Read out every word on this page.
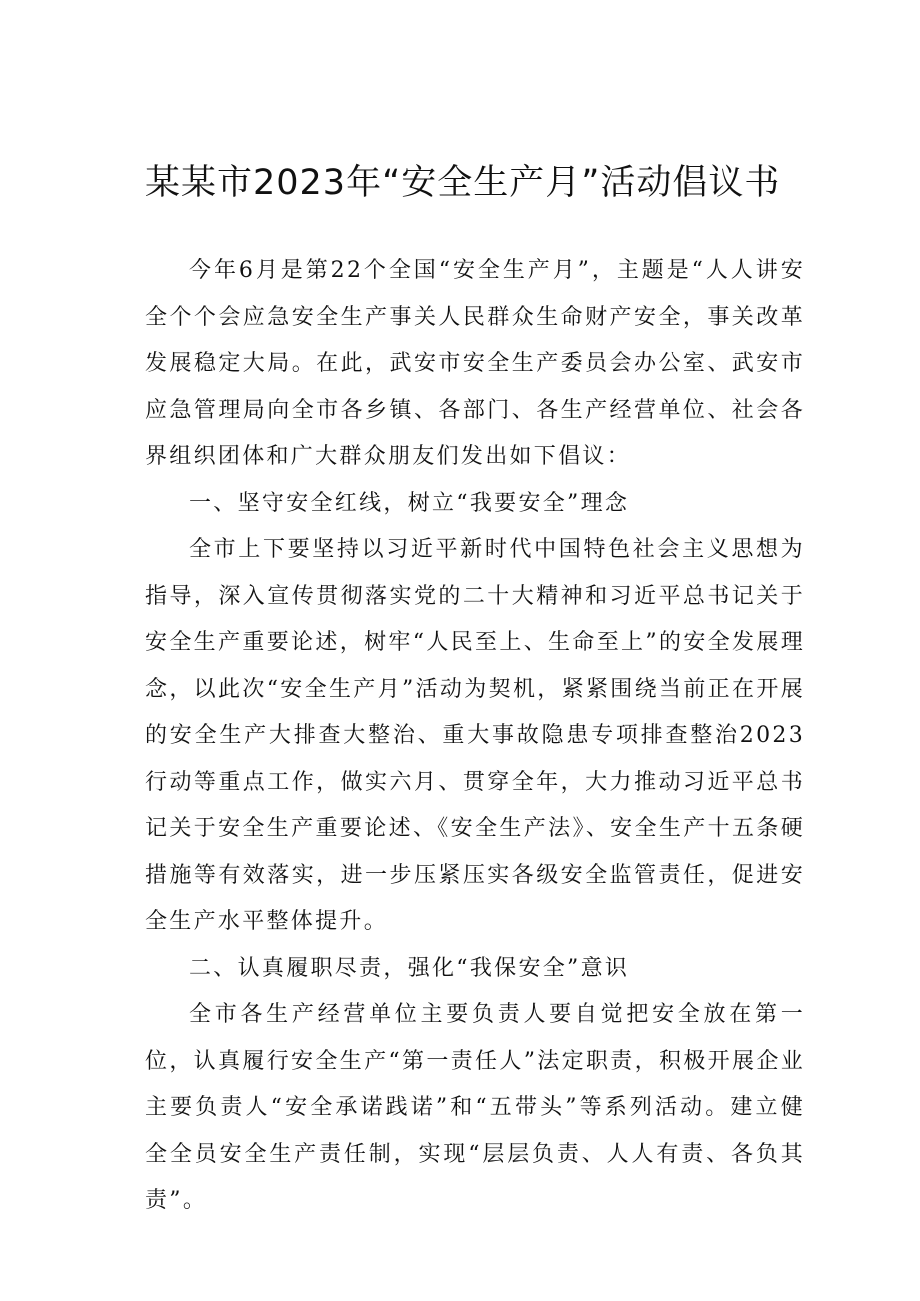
某某市2023年“安全生产月”活动倡议书

今年6月是第22个全国“安全生产月”，主题是“人人讲安全个个会应急安全生产事关人民群众生命财产安全，事关改革发展稳定大局。在此，武安市安全生产委员会办公室、武安市应急管理局向全市各乡镇、各部门、各生产经营单位、社会各界组织团体和广大群众朋友们发出如下倡议：

一、坚守安全红线，树立“我要安全”理念

全市上下要坚持以习近平新时代中国特色社会主义思想为指导，深入宣传贯彻落实党的二十大精神和习近平总书记关于安全生产重要论述，树牢“人民至上、生命至上”的安全发展理念，以此次“安全生产月”活动为契机，紧紧围绕当前正在开展的安全生产大排查大整治、重大事故隐患专项排查整治2023行动等重点工作，做实六月、贯穿全年，大力推动习近平总书记关于安全生产重要论述、《安全生产法》、安全生产十五条硬措施等有效落实，进一步压紧压实各级安全监管责任，促进安全生产水平整体提升。

二、认真履职尽责，强化“我保安全”意识

全市各生产经营单位主要负责人要自觉把安全放在第一位，认真履行安全生产“第一责任人”法定职责，积极开展企业主要负责人“安全承诺践诺”和“五带头”等系列活动。建立健全全员安全生产责任制，实现“层层负责、人人有责、各负其责”。
